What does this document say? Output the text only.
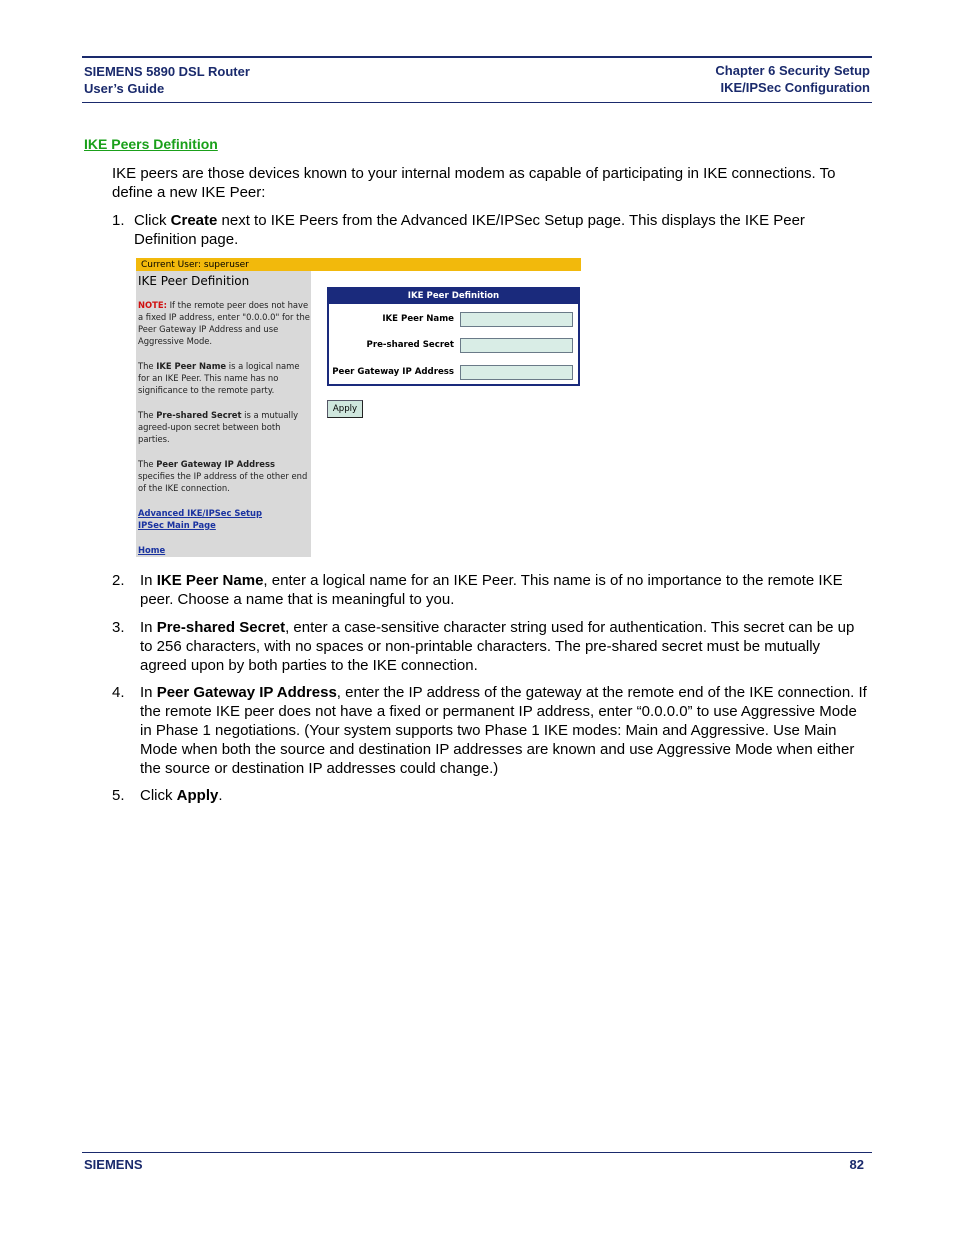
SIEMENS 5890 DSL Router
User’s Guide
Chapter 6 Security Setup
IKE/IPSec Configuration
IKE Peers Definition
IKE peers are those devices known to your internal modem as capable of participating in IKE connections. To define a new IKE Peer:
1. Click Create next to IKE Peers from the Advanced IKE/IPSec Setup page. This displays the IKE Peer Definition page.
Current User: superuser
IKE Peer Definition
NOTE: If the remote peer does not have a fixed IP address, enter "0.0.0.0" for the Peer Gateway IP Address and use Aggressive Mode.
The IKE Peer Name is a logical name for an IKE Peer. This name has no significance to the remote party.
The Pre-shared Secret is a mutually agreed-upon secret between both parties.
The Peer Gateway IP Address specifies the IP address of the other end of the IKE connection.
Advanced IKE/IPSec Setup
IPSec Main Page
Home
IKE Peer Definition
IKE Peer Name
Pre-shared Secret
Peer Gateway IP Address
Apply
2. In IKE Peer Name, enter a logical name for an IKE Peer. This name is of no importance to the remote IKE peer. Choose a name that is meaningful to you.
3. In Pre-shared Secret, enter a case-sensitive character string used for authentication. This secret can be up to 256 characters, with no spaces or non-printable characters. The pre-shared secret must be mutually agreed upon by both parties to the IKE connection.
4. In Peer Gateway IP Address, enter the IP address of the gateway at the remote end of the IKE connection. If the remote IKE peer does not have a fixed or permanent IP address, enter “0.0.0.0” to use Aggressive Mode in Phase 1 negotiations. (Your system supports two Phase 1 IKE modes: Main and Aggressive. Use Main Mode when both the source and destination IP addresses are known and use Aggressive Mode when either the source or destination IP addresses could change.)
5. Click Apply.
SIEMENS	82
